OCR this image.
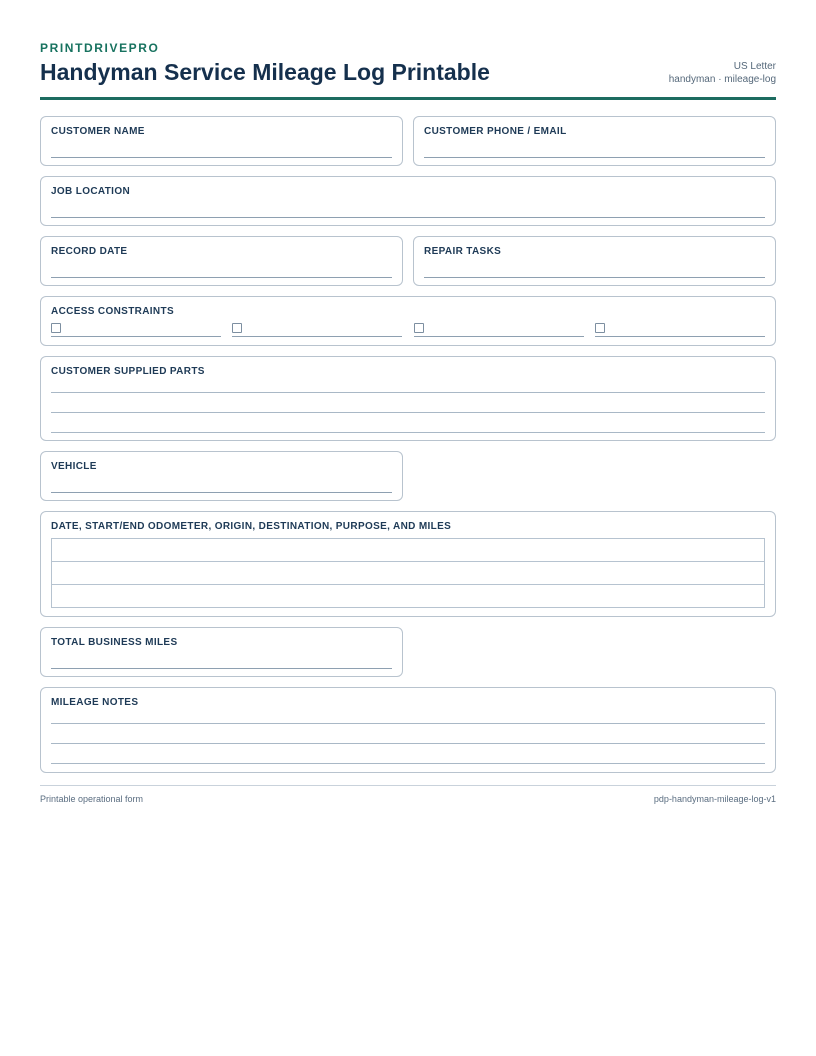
PRINTDRIVEPRO
Handyman Service Mileage Log Printable	US Letter
handyman · mileage-log
CUSTOMER NAME	CUSTOMER PHONE / EMAIL
JOB LOCATION
RECORD DATE	REPAIR TASKS
ACCESS CONSTRAINTS
CUSTOMER SUPPLIED PARTS
VEHICLE
DATE, START/END ODOMETER, ORIGIN, DESTINATION, PURPOSE, AND MILES

TOTAL BUSINESS MILES
MILEAGE NOTES
Printable operational form	pdp-handyman-mileage-log-v1
